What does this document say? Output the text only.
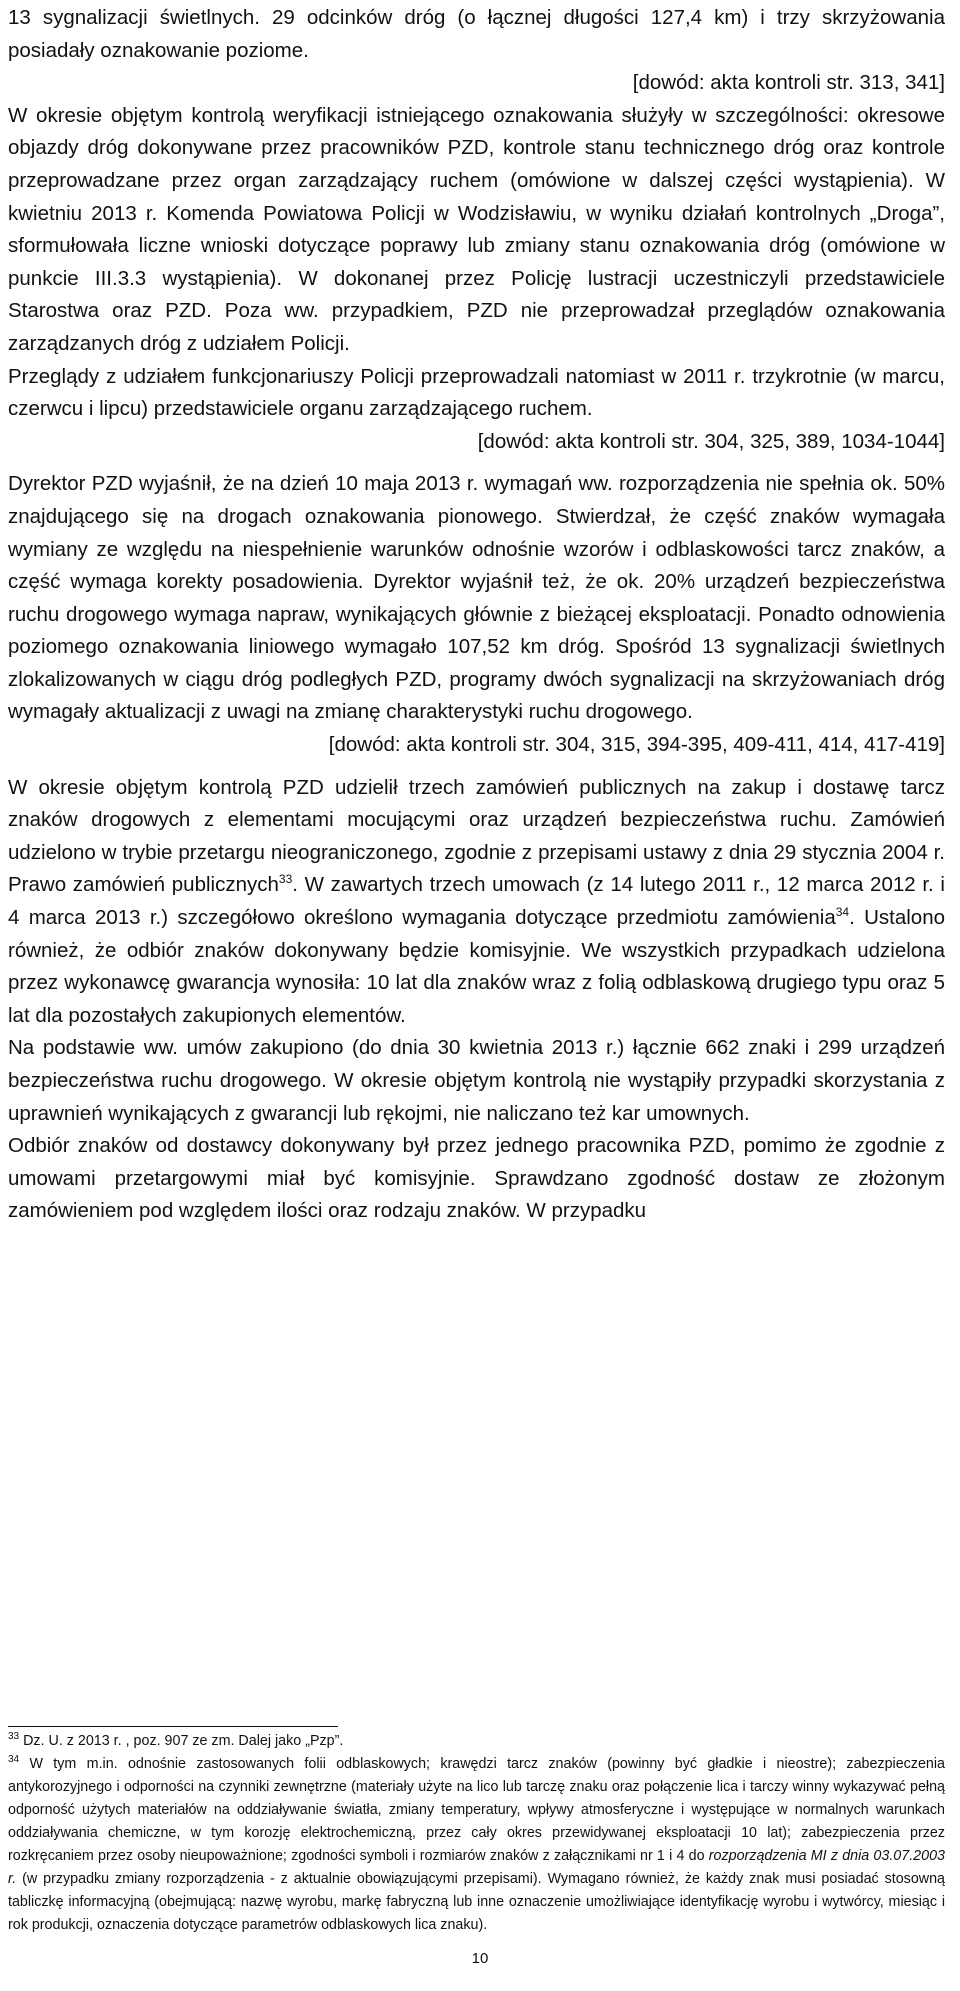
13 sygnalizacji świetlnych. 29 odcinków dróg (o łącznej długości 127,4 km) i trzy skrzyżowania posiadały oznakowanie poziome.

[dowód: akta kontroli str. 313, 341]

W okresie objętym kontrolą weryfikacji istniejącego oznakowania służyły w szczególności: okresowe objazdy dróg dokonywane przez pracowników PZD, kontrole stanu technicznego dróg oraz kontrole przeprowadzane przez organ zarządzający ruchem (omówione w dalszej części wystąpienia). W kwietniu 2013 r. Komenda Powiatowa Policji w Wodzisławiu, w wyniku działań kontrolnych „Droga”, sformułowała liczne wnioski dotyczące poprawy lub zmiany stanu oznakowania dróg (omówione w punkcie III.3.3 wystąpienia). W dokonanej przez Policję lustracji uczestniczyli przedstawiciele Starostwa oraz PZD. Poza ww. przypadkiem, PZD nie przeprowadzał przeglądów oznakowania zarządzanych dróg z udziałem Policji.

Przeglądy z udziałem funkcjonariuszy Policji przeprowadzali natomiast w 2011 r. trzykrotnie (w marcu, czerwcu i lipcu) przedstawiciele organu zarządzającego ruchem.

[dowód: akta kontroli str. 304, 325, 389, 1034-1044]

Dyrektor PZD wyjaśnił, że na dzień 10 maja 2013 r. wymagań ww. rozporządzenia nie spełnia ok. 50% znajdującego się na drogach oznakowania pionowego. Stwierdzał, że część znaków wymagała wymiany ze względu na niespełnienie warunków odnośnie wzorów i odblaskowości tarcz znaków, a część wymaga korekty posadowienia. Dyrektor wyjaśnił też, że ok. 20% urządzeń bezpieczeństwa ruchu drogowego wymaga napraw, wynikających głównie z bieżącej eksploatacji. Ponadto odnowienia poziomego oznakowania liniowego wymagało 107,52 km dróg. Spośród 13 sygnalizacji świetlnych zlokalizowanych w ciągu dróg podległych PZD, programy dwóch sygnalizacji na skrzyżowaniach dróg wymagały aktualizacji z uwagi na zmianę charakterystyki ruchu drogowego.

[dowód: akta kontroli str. 304, 315, 394-395, 409-411, 414, 417-419]

W okresie objętym kontrolą PZD udzielił trzech zamówień publicznych na zakup i dostawę tarcz znaków drogowych z elementami mocującymi oraz urządzeń bezpieczeństwa ruchu. Zamówień udzielono w trybie przetargu nieograniczonego, zgodnie z przepisami ustawy z dnia 29 stycznia 2004 r. Prawo zamówień publicznych$^{33}$. W zawartych trzech umowach (z 14 lutego 2011 r., 12 marca 2012 r. i 4 marca 2013 r.) szczegółowo określono wymagania dotyczące przedmiotu zamówienia$^{34}$. Ustalono również, że odbiór znaków dokonywany będzie komisyjnie. We wszystkich przypadkach udzielona przez wykonawcę gwarancja wynosiła: 10 lat dla znaków wraz z folią odblaskową drugiego typu oraz 5 lat dla pozostałych zakupionych elementów.

Na podstawie ww. umów zakupiono (do dnia 30 kwietnia 2013 r.) łącznie 662 znaki i 299 urządzeń bezpieczeństwa ruchu drogowego. W okresie objętym kontrolą nie wystąpiły przypadki skorzystania z uprawnień wynikających z gwarancji lub rękojmi, nie naliczano też kar umownych.

Odbiór znaków od dostawcy dokonywany był przez jednego pracownika PZD, pomimo że zgodnie z umowami przetargowymi miał być komisyjnie. Sprawdzano zgodność dostaw ze złożonym zamówieniem pod względem ilości oraz rodzaju znaków. W przypadku

$^{33}$ Dz. U. z 2013 r. , poz. 907 ze zm. Dalej jako „Pzp”.

$^{34}$ W tym m.in. odnośnie zastosowanych folii odblaskowych; krawędzi tarcz znaków (powinny być gładkie i nieostre); zabezpieczenia antykorozyjnego i odporności na czynniki zewnętrzne (materiały użyte na lico lub tarczę znaku oraz połączenie lica i tarczy winny wykazywać pełną odporność użytych materiałów na oddziaływanie światła, zmiany temperatury, wpływy atmosferyczne i występujące w normalnych warunkach oddziaływania chemiczne, w tym korozję elektrochemiczną, przez cały okres przewidywanej eksploatacji 10 lat); zabezpieczenia przez rozkręcaniem przez osoby nieupoważnione; zgodności symboli i rozmiarów znaków z załącznikami nr 1 i 4 do rozporządzenia MI z dnia 03.07.2003 r. (w przypadku zmiany rozporządzenia - z aktualnie obowiązującymi przepisami). Wymagano również, że każdy znak musi posiadać stosowną tabliczkę informacyjną (obejmującą: nazwę wyrobu, markę fabryczną lub inne oznaczenie umożliwiające identyfikację wyrobu i wytwórcy, miesiąc i rok produkcji, oznaczenia dotyczące parametrów odblaskowych lica znaku).

10
